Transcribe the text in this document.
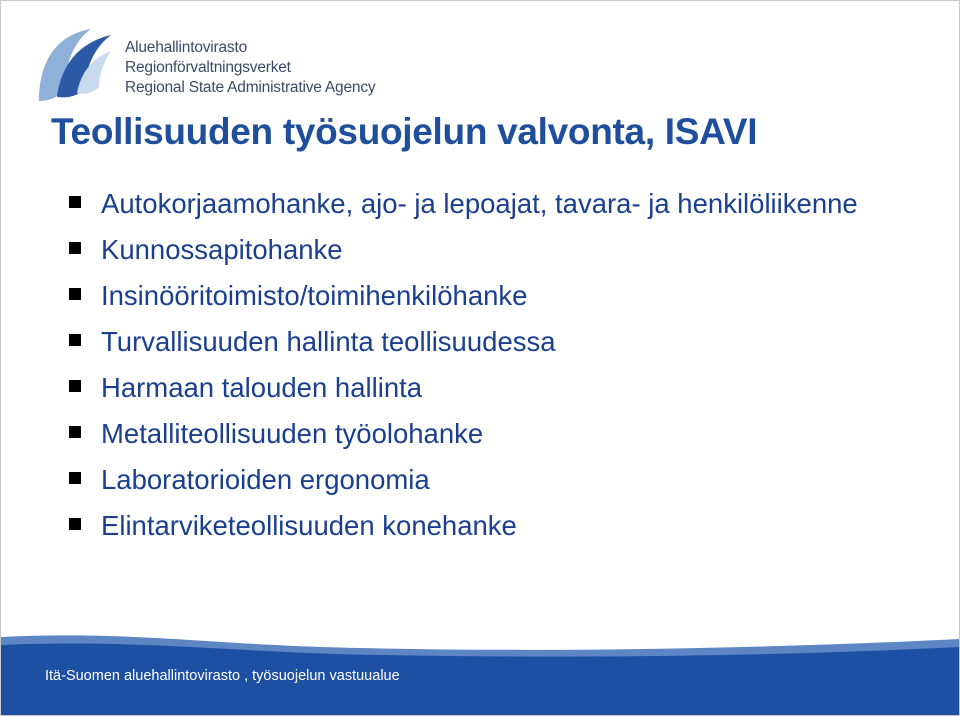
Aluehallintovirasto
Regionförvaltningsverket
Regional State Administrative Agency
Teollisuuden työsuojelun valvonta, ISAVI
Autokorjaamohanke, ajo- ja lepoajat, tavara- ja henkilöliikenne
Kunnossapitohanke
Insinööritoimisto/toimihenkilöhanke
Turvallisuuden hallinta teollisuudessa
Harmaan talouden hallinta
Metalliteollisuuden työolohanke
Laboratorioiden ergonomia
Elintarviketeollisuuden konehanke
Itä-Suomen aluehallintovirasto , työsuojelun vastuualue
